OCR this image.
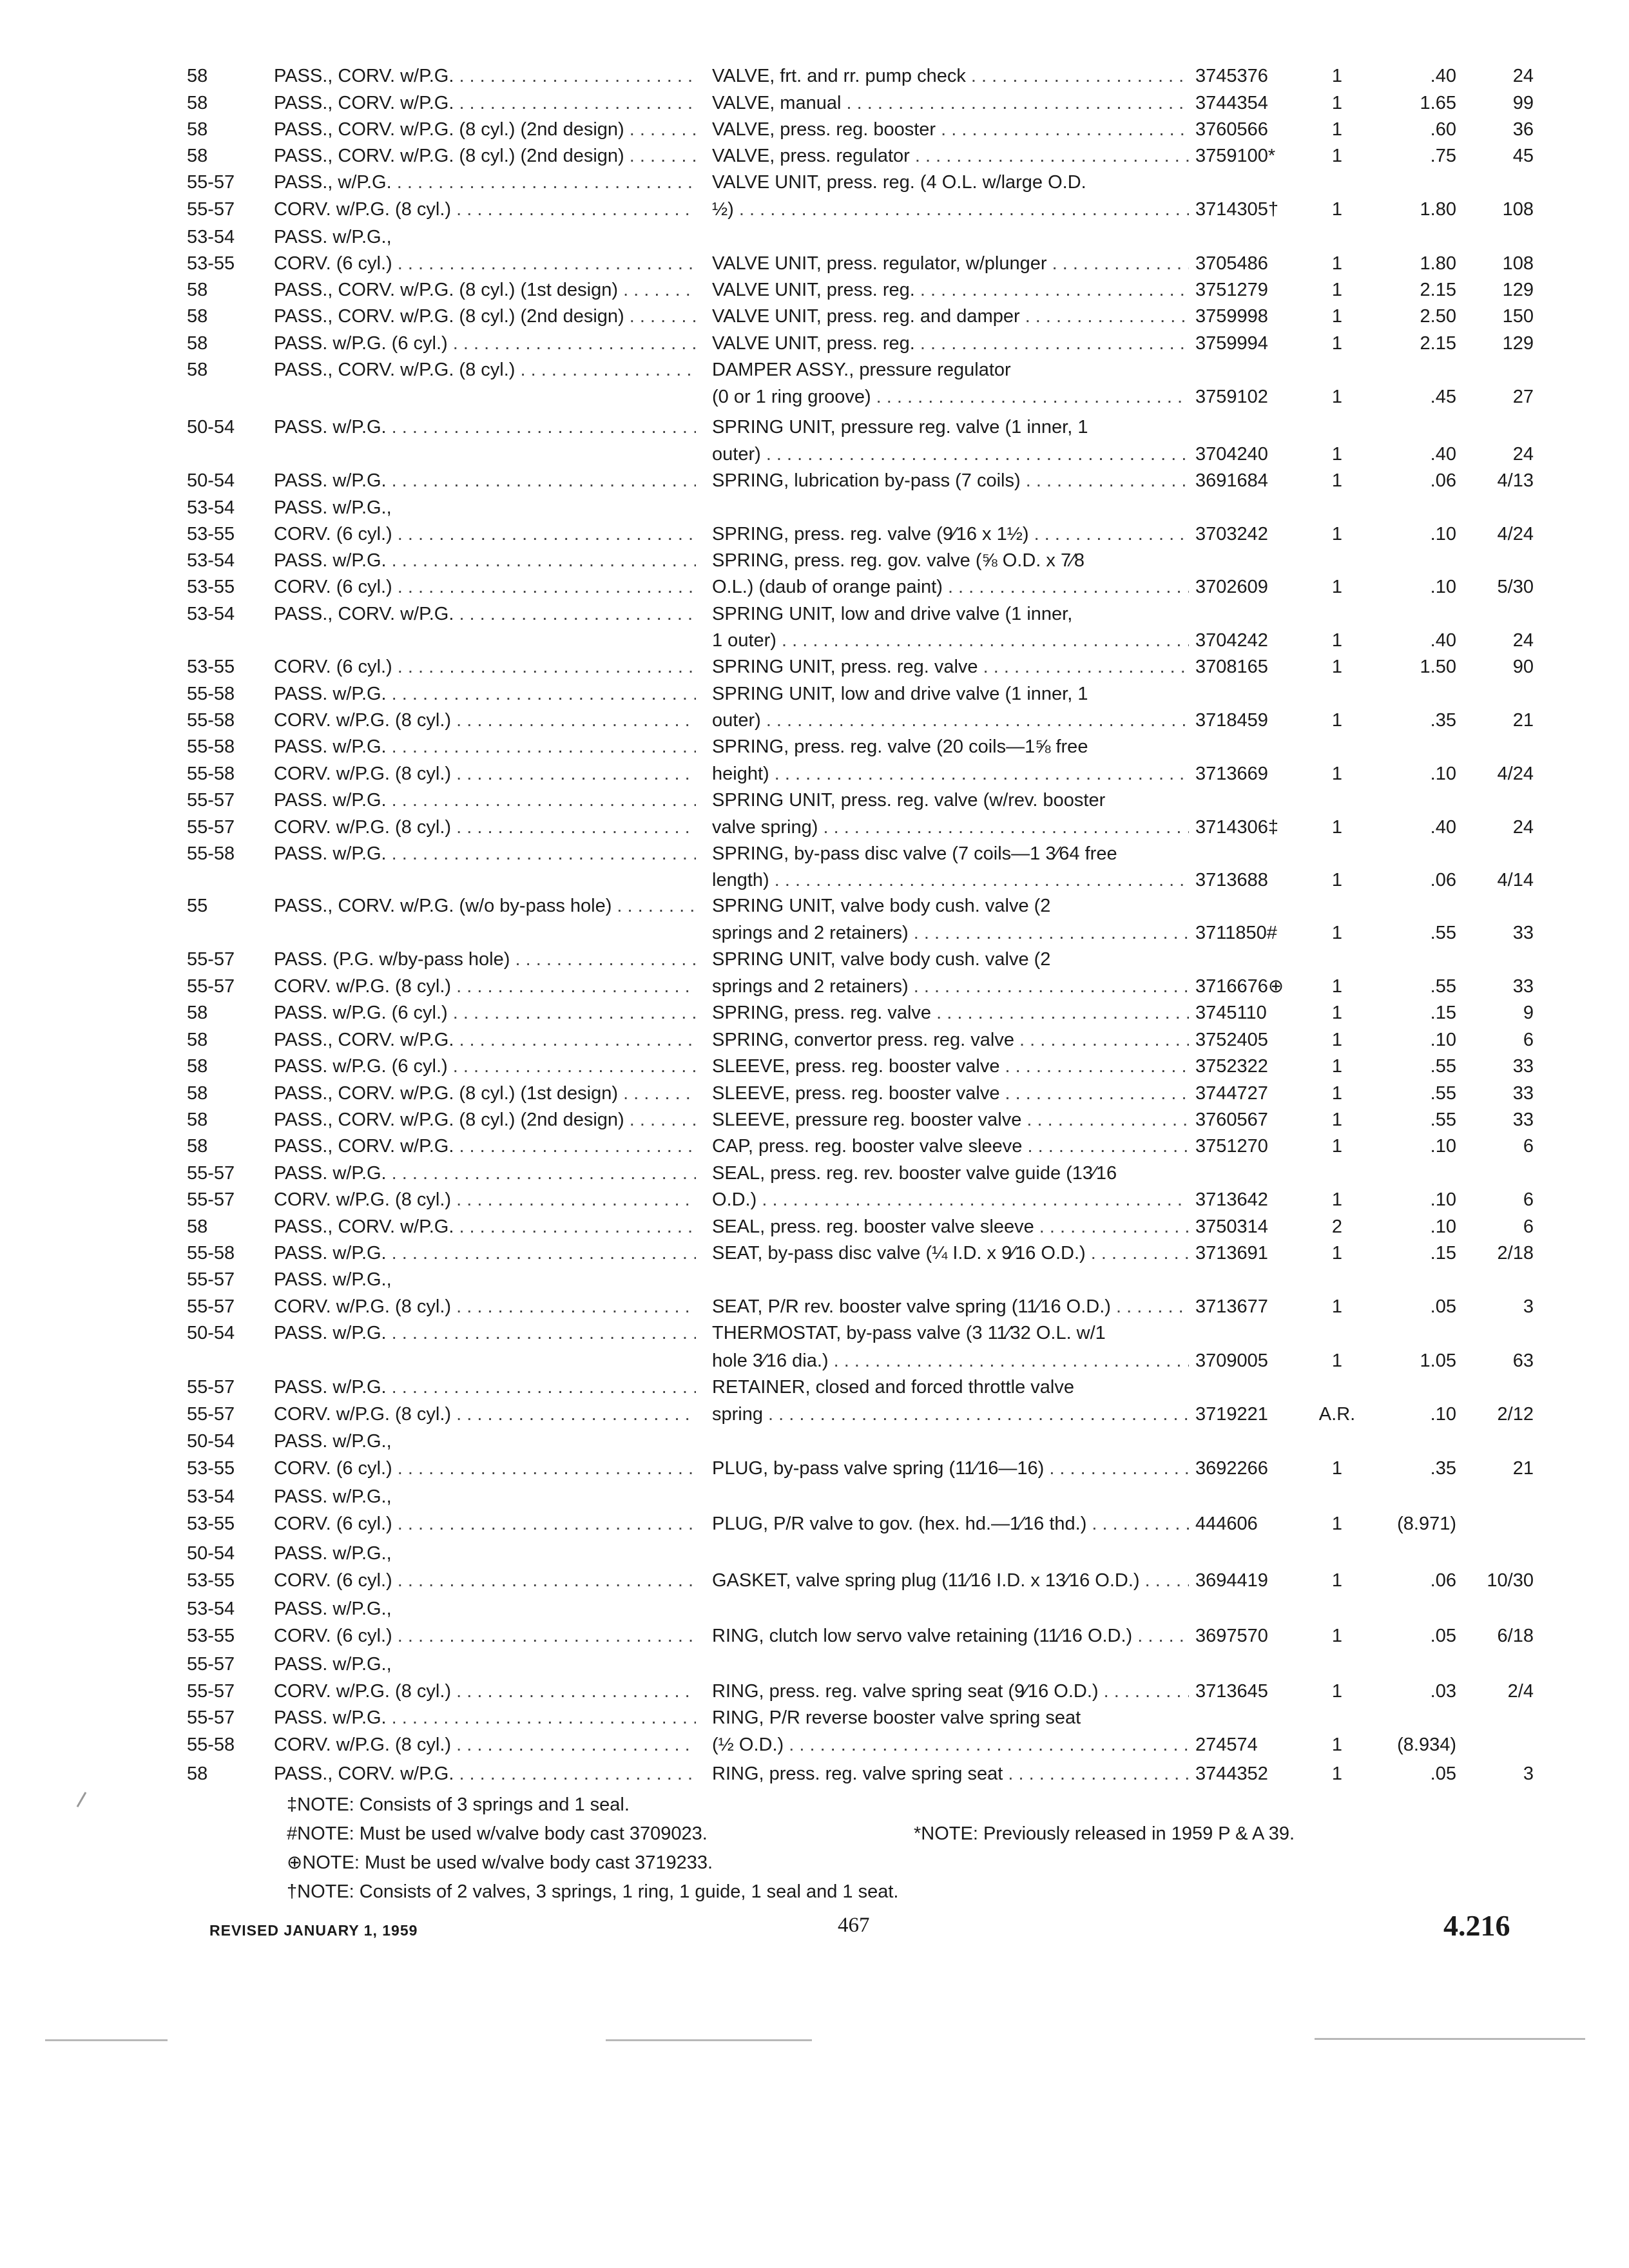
58	PASS., CORV. w/P.G. . . .	VALVE, frt. and rr. pump check . . .	3745376	1	.40	24
58	PASS., CORV. w/P.G. . . .	VALVE, manual . . .	3744354	1	1.65	99
58	PASS., CORV. w/P.G. (8 cyl.) (2nd design) . . .	VALVE, press. reg. booster . . .	3760566	1	.60	36
58	PASS., CORV. w/P.G. (8 cyl.) (2nd design) . . .	VALVE, press. regulator . . .	3759100*	1	.75	45
55-57	PASS., w/P.G. . . .	VALVE UNIT, press. reg. (4 O.L. w/large O.D.
55-57	CORV. w/P.G. (8 cyl.) . . .	½) . . .	3714305†	1	1.80	108
53-54	PASS. w/P.G.,
53-55	CORV. (6 cyl.) . . .	VALVE UNIT, press. regulator, w/plunger . . .	3705486	1	1.80	108
58	PASS., CORV. w/P.G. (8 cyl.) (1st design) . . .	VALVE UNIT, press. reg. . . .	3751279	1	2.15	129
58	PASS., CORV. w/P.G. (8 cyl.) (2nd design) . . .	VALVE UNIT, press. reg. and damper . . .	3759998	1	2.50	150
58	PASS. w/P.G. (6 cyl.) . . .	VALVE UNIT, press. reg. . . .	3759994	1	2.15	129
58	PASS., CORV. w/P.G. (8 cyl.) . . .	DAMPER ASSY., pressure regulator
(0 or 1 ring groove) . . .	3759102	1	.45	27
50-54	PASS. w/P.G. . . .	SPRING UNIT, pressure reg. valve (1 inner, 1
outer) . . .	3704240	1	.40	24
50-54	PASS. w/P.G. . . .	SPRING, lubrication by-pass (7 coils) . . .	3691684	1	.06	4/13
53-54	PASS. w/P.G.,
53-55	CORV. (6 cyl.) . . .	SPRING, press. reg. valve (9⁄16 x 1½) . . .	3703242	1	.10	4/24
53-54	PASS. w/P.G. . . .	SPRING, press. reg. gov. valve (⅝ O.D. x 7⁄8
53-55	CORV. (6 cyl.) . . .	O.L.) (daub of orange paint) . . .	3702609	1	.10	5/30
53-54	PASS., CORV. w/P.G. . . .	SPRING UNIT, low and drive valve (1 inner,
1 outer) . . .	3704242	1	.40	24
53-55	CORV. (6 cyl.) . . .	SPRING UNIT, press. reg. valve . . .	3708165	1	1.50	90
55-58	PASS. w/P.G. . . .	SPRING UNIT, low and drive valve (1 inner, 1
55-58	CORV. w/P.G. (8 cyl.) . . .	outer) . . .	3718459	1	.35	21
55-58	PASS. w/P.G. . . .	SPRING, press. reg. valve (20 coils—1⅝ free
55-58	CORV. w/P.G. (8 cyl.) . . .	height) . . .	3713669	1	.10	4/24
55-57	PASS. w/P.G. . . .	SPRING UNIT, press. reg. valve (w/rev. booster
55-57	CORV. w/P.G. (8 cyl.) . . .	valve spring) . . .	3714306‡	1	.40	24
55-58	PASS. w/P.G. . . .	SPRING, by-pass disc valve (7 coils—1 3⁄64 free
length) . . .	3713688	1	.06	4/14
55	PASS., CORV. w/P.G. (w/o by-pass hole) . . .	SPRING UNIT, valve body cush. valve (2
springs and 2 retainers) . . .	3711850#	1	.55	33
55-57	PASS. (P.G. w/by-pass hole) . . .	SPRING UNIT, valve body cush. valve (2
55-57	CORV. w/P.G. (8 cyl.) . . .	springs and 2 retainers) . . .	3716676⊕	1	.55	33
58	PASS. w/P.G. (6 cyl.) . . .	SPRING, press. reg. valve . . .	3745110	1	.15	9
58	PASS., CORV. w/P.G. . . .	SPRING, convertor press. reg. valve . . .	3752405	1	.10	6
58	PASS. w/P.G. (6 cyl.) . . .	SLEEVE, press. reg. booster valve . . .	3752322	1	.55	33
58	PASS., CORV. w/P.G. (8 cyl.) (1st design) . . .	SLEEVE, press. reg. booster valve . . .	3744727	1	.55	33
58	PASS., CORV. w/P.G. (8 cyl.) (2nd design) . . .	SLEEVE, pressure reg. booster valve . . .	3760567	1	.55	33
58	PASS., CORV. w/P.G. . . .	CAP, press. reg. booster valve sleeve . . .	3751270	1	.10	6
55-57	PASS. w/P.G. . . .	SEAL, press. reg. rev. booster valve guide (13⁄16
55-57	CORV. w/P.G. (8 cyl.) . . .	O.D.) . . .	3713642	1	.10	6
58	PASS., CORV. w/P.G. . . .	SEAL, press. reg. booster valve sleeve . . .	3750314	2	.10	6
55-58	PASS. w/P.G. . . .	SEAT, by-pass disc valve (¼ I.D. x 9⁄16 O.D.) . . .	3713691	1	.15	2/18
55-57	PASS. w/P.G.,
55-57	CORV. w/P.G. (8 cyl.) . . .	SEAT, P/R rev. booster valve spring (11⁄16 O.D.) . . .	3713677	1	.05	3
50-54	PASS. w/P.G. . . .	THERMOSTAT, by-pass valve (3 11⁄32 O.L. w/1
hole 3⁄16 dia.) . . .	3709005	1	1.05	63
55-57	PASS. w/P.G. . . .	RETAINER, closed and forced throttle valve
55-57	CORV. w/P.G. (8 cyl.) . . .	spring . . .	3719221	A.R.	.10	2/12
50-54	PASS. w/P.G.,
53-55	CORV. (6 cyl.) . . .	PLUG, by-pass valve spring (11⁄16—16) . . .	3692266	1	.35	21
53-54	PASS. w/P.G.,
53-55	CORV. (6 cyl.) . . .	PLUG, P/R valve to gov. (hex. hd.—1⁄16 thd.) . . .	444606	1	(8.971)
50-54	PASS. w/P.G.,
53-55	CORV. (6 cyl.) . . .	GASKET, valve spring plug (11⁄16 I.D. x 13⁄16 O.D.) . . .	3694419	1	.06	10/30
53-54	PASS. w/P.G.,
53-55	CORV. (6 cyl.) . . .	RING, clutch low servo valve retaining (11⁄16 O.D.) . . .	3697570	1	.05	6/18
55-57	PASS. w/P.G.,
55-57	CORV. w/P.G. (8 cyl.) . . .	RING, press. reg. valve spring seat (9⁄16 O.D.) . . .	3713645	1	.03	2/4
55-57	PASS. w/P.G. . . .	RING, P/R reverse booster valve spring seat
55-58	CORV. w/P.G. (8 cyl.) . . .	(½ O.D.) . . .	274574	1	(8.934)
58	PASS., CORV. w/P.G. . . .	RING, press. reg. valve spring seat . . .	3744352	1	.05	3
‡NOTE: Consists of 3 springs and 1 seal.
#NOTE: Must be used w/valve body cast 3709023.	*NOTE: Previously released in 1959 P & A 39.
⊕NOTE: Must be used w/valve body cast 3719233.
†NOTE: Consists of 2 valves, 3 springs, 1 ring, 1 guide, 1 seal and 1 seat.
REVISED JANUARY 1, 1959	467	4.216
